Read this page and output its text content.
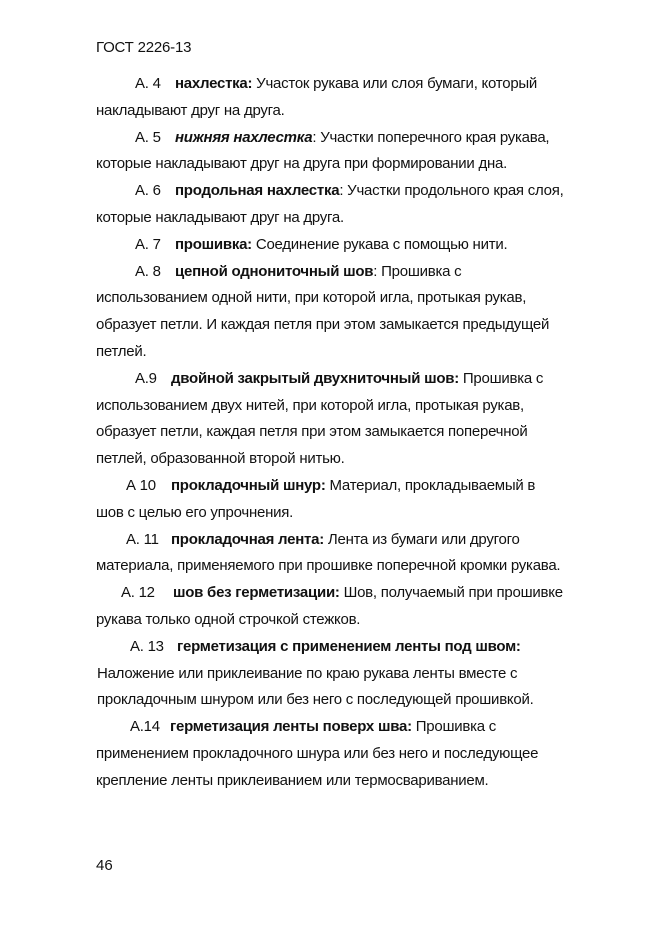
ГОСТ 2226-13
А. 4 нахлестка: Участок рукава или слоя бумаги, который
накладывают друг на друга.
А. 5 нижняя нахлестка: Участки поперечного края рукава,
которые накладывают друг на друга при формировании дна.
А. 6 продольная нахлестка: Участки продольного края слоя,
которые накладывают друг на друга.
А. 7 прошивка: Соединение рукава с помощью нити.
А. 8 цепной однониточный шов: Прошивка с
использованием одной нити, при которой игла, протыкая рукав,
образует петли. И каждая петля при этом замыкается предыдущей
петлей.
А.9 двойной закрытый двухниточный шов: Прошивка с
использованием двух нитей, при которой игла, протыкая рукав,
образует петли, каждая петля при этом замыкается поперечной
петлей, образованной второй нитью.
А 10 прокладочный шнур: Материал, прокладываемый в
шов с целью его упрочнения.
А. 11 прокладочная лента: Лента из бумаги или другого
материала, применяемого при прошивке поперечной кромки рукава.
А. 12 шов без герметизации: Шов, получаемый при прошивке
рукава только одной строчкой стежков.
А. 13 герметизация с применением ленты под швом:
Наложение или приклеивание по краю рукава ленты вместе с
прокладочным шнуром или без него с последующей прошивкой.
А.14 герметизация ленты поверх шва: Прошивка с
применением прокладочного шнура или без него и последующее
крепление ленты приклеиванием или термосвариванием.
46
